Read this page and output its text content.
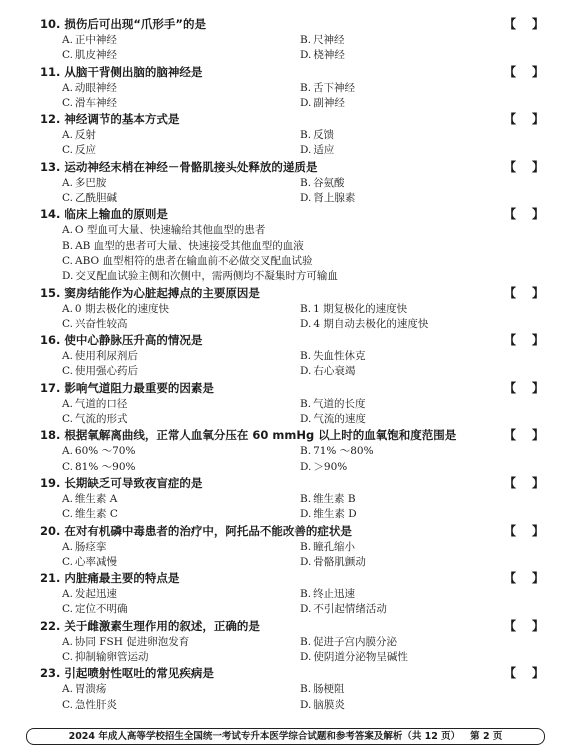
10. 损伤后可出现“爪形手”的是	【 】
A. 正中神经	B. 尺神经
C. 肌皮神经	D. 桡神经
11. 从脑干背侧出脑的脑神经是	【 】
A. 动眼神经	B. 舌下神经
C. 滑车神经	D. 副神经
12. 神经调节的基本方式是	【 】
A. 反射	B. 反馈
C. 反应	D. 适应
13. 运动神经末梢在神经－骨骼肌接头处释放的递质是	【 】
A. 多巴胺	B. 谷氨酸
C. 乙酰胆碱	D. 肾上腺素
14. 临床上输血的原则是	【 】
A. O 型血可大量、快速输给其他血型的患者
B. AB 血型的患者可大量、快速接受其他血型的血液
C. ABO 血型相符的患者在输血前不必做交叉配血试验
D. 交叉配血试验主侧和次侧中，需两侧均不凝集时方可输血
15. 窦房结能作为心脏起搏点的主要原因是	【 】
A. 0 期去极化的速度快	B. 1 期复极化的速度快
C. 兴奋性较高	D. 4 期自动去极化的速度快
16. 使中心静脉压升高的情况是	【 】
A. 使用利尿剂后	B. 失血性休克
C. 使用强心药后	D. 右心衰竭
17. 影响气道阻力最重要的因素是	【 】
A. 气道的口径	B. 气道的长度
C. 气流的形式	D. 气流的速度
18. 根据氧解离曲线，正常人血氧分压在 60 mmHg 以上时的血氧饱和度范围是	【 】
A. 60% ～70%	B. 71% ～80%
C. 81% ～90%	D. ＞90%
19. 长期缺乏可导致夜盲症的是	【 】
A. 维生素 A	B. 维生素 B
C. 维生素 C	D. 维生素 D
20. 在对有机磷中毒患者的治疗中，阿托品不能改善的症状是	【 】
A. 肠痉挛	B. 瞳孔缩小
C. 心率减慢	D. 骨骼肌颤动
21. 内脏痛最主要的特点是	【 】
A. 发起迅速	B. 终止迅速
C. 定位不明确	D. 不引起情绪活动
22. 关于雌激素生理作用的叙述，正确的是	【 】
A. 协同 FSH 促进卵泡发育	B. 促进子宫内膜分泌
C. 抑制输卵管运动	D. 使阴道分泌物呈碱性
23. 引起喷射性呕吐的常见疾病是	【 】
A. 胃溃疡	B. 肠梗阻
C. 急性肝炎	D. 脑膜炎
2024 年成人高等学校招生全国统一考试专升本医学综合试题和参考答案及解析（共 12 页） 第 2 页
